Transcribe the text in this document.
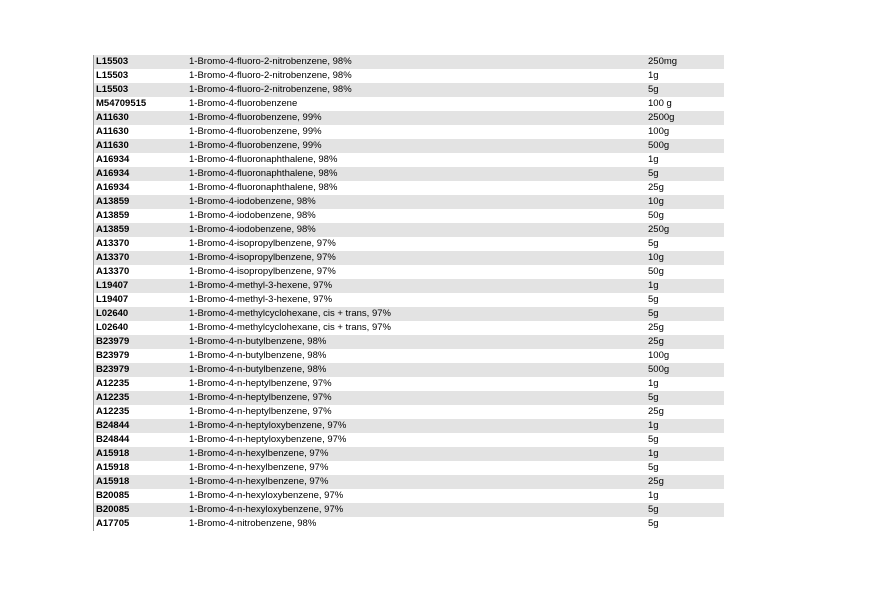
L15503	1-Bromo-4-fluoro-2-nitrobenzene, 98%	250mg
L15503	1-Bromo-4-fluoro-2-nitrobenzene, 98%	1g
L15503	1-Bromo-4-fluoro-2-nitrobenzene, 98%	5g
M54709515	1-Bromo-4-fluorobenzene	100 g
A11630	1-Bromo-4-fluorobenzene, 99%	2500g
A11630	1-Bromo-4-fluorobenzene, 99%	100g
A11630	1-Bromo-4-fluorobenzene, 99%	500g
A16934	1-Bromo-4-fluoronaphthalene, 98%	1g
A16934	1-Bromo-4-fluoronaphthalene, 98%	5g
A16934	1-Bromo-4-fluoronaphthalene, 98%	25g
A13859	1-Bromo-4-iodobenzene, 98%	10g
A13859	1-Bromo-4-iodobenzene, 98%	50g
A13859	1-Bromo-4-iodobenzene, 98%	250g
A13370	1-Bromo-4-isopropylbenzene, 97%	5g
A13370	1-Bromo-4-isopropylbenzene, 97%	10g
A13370	1-Bromo-4-isopropylbenzene, 97%	50g
L19407	1-Bromo-4-methyl-3-hexene, 97%	1g
L19407	1-Bromo-4-methyl-3-hexene, 97%	5g
L02640	1-Bromo-4-methylcyclohexane, cis + trans, 97%	5g
L02640	1-Bromo-4-methylcyclohexane, cis + trans, 97%	25g
B23979	1-Bromo-4-n-butylbenzene, 98%	25g
B23979	1-Bromo-4-n-butylbenzene, 98%	100g
B23979	1-Bromo-4-n-butylbenzene, 98%	500g
A12235	1-Bromo-4-n-heptylbenzene, 97%	1g
A12235	1-Bromo-4-n-heptylbenzene, 97%	5g
A12235	1-Bromo-4-n-heptylbenzene, 97%	25g
B24844	1-Bromo-4-n-heptyloxybenzene, 97%	1g
B24844	1-Bromo-4-n-heptyloxybenzene, 97%	5g
A15918	1-Bromo-4-n-hexylbenzene, 97%	1g
A15918	1-Bromo-4-n-hexylbenzene, 97%	5g
A15918	1-Bromo-4-n-hexylbenzene, 97%	25g
B20085	1-Bromo-4-n-hexyloxybenzene, 97%	1g
B20085	1-Bromo-4-n-hexyloxybenzene, 97%	5g
A17705	1-Bromo-4-nitrobenzene, 98%	5g
